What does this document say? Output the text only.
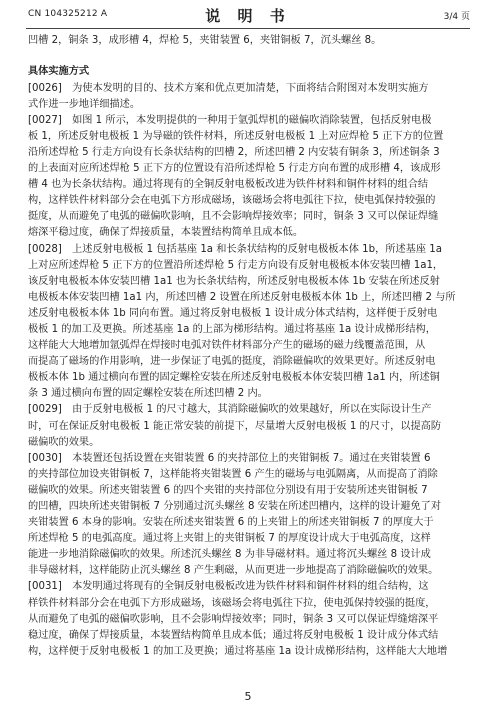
CN 104325212 A	说 明 书	3/4 页
凹槽 2，铜条 3，成形槽 4，焊枪 5，夹钳装置 6，夹钳铜板 7，沉头螺丝 8。
具体实施方式
[0026]　为使本发明的目的、技术方案和优点更加清楚，下面将结合附图对本发明实施方
式作进一步地详细描述。
[0027]　如图 1 所示，本发明提供的一种用于氩弧焊机的磁偏吹消除装置，包括反射电极
板 1，所述反射电极板 1 为导磁的铁件材料，所述反射电极板 1 上对应焊枪 5 正下方的位置
沿所述焊枪 5 行走方向设有长条状结构的凹槽 2，所述凹槽 2 内安装有铜条 3，所述铜条 3
的上表面对应所述焊枪 5 正下方的位置设有沿所述焊枪 5 行走方向布置的成形槽 4，该成形
槽 4 也为长条状结构。通过将现有的全铜反射电极板改进为铁件材料和铜件材料的组合结
构，这样铁件材料部分会在电弧下方形成磁场，该磁场会将电弧往下拉，使电弧保持较强的
挺度，从而避免了电弧的磁偏吹影响，且不会影响焊接效率；同时，铜条 3 又可以保证焊缝
熔深平稳过度，确保了焊接质量，本装置结构简单且成本低。
[0028]　上述反射电极板 1 包括基座 1a 和长条状结构的反射电极板本体 1b，所述基座 1a
上对应所述焊枪 5 正下方的位置沿所述焊枪 5 行走方向设有反射电极板本体安装凹槽 1a1，
该反射电极板本体安装凹槽 1a1 也为长条状结构，所述反射电极板本体 1b 安装在所述反射
电极板本体安装凹槽 1a1 内，所述凹槽 2 设置在所述反射电极板本体 1b 上，所述凹槽 2 与所
述反射电极板本体 1b 同向布置。通过将反射电极板 1 设计成分体式结构，这样便于反射电
极板 1 的加工及更换。所述基座 1a 的上部为梯形结构。通过将基座 1a 设计成梯形结构，
这样能大大地增加氩弧焊在焊接时电弧对铁件材料部分产生的磁场的磁力线覆盖范围，从
而提高了磁场的作用影响，进一步保证了电弧的挺度，消除磁偏吹的效果更好。所述反射电
极板本体 1b 通过横向布置的固定螺栓安装在所述反射电极板本体安装凹槽 1a1 内，所述铜
条 3 通过横向布置的固定螺栓安装在所述凹槽 2 内。
[0029]　由于反射电极板 1 的尺寸越大，其消除磁偏吹的效果越好，所以在实际设计生产
时，可在保证反射电极板 1 能正常安装的前提下，尽量增大反射电极板 1 的尺寸，以提高防
磁偏吹的效果。
[0030]　本装置还包括设置在夹钳装置 6 的夹持部位上的夹钳铜板 7。通过在夹钳装置 6
的夹持部位加设夹钳铜板 7，这样能将夹钳装置 6 产生的磁场与电弧隔离，从而提高了消除
磁偏吹的效果。所述夹钳装置 6 的四个夹钳的夹持部位分别设有用于安装所述夹钳铜板 7
的凹槽，四块所述夹钳铜板 7 分别通过沉头螺丝 8 安装在所述凹槽内，这样的设计避免了对
夹钳装置 6 本身的影响。安装在所述夹钳装置 6 的上夹钳上的所述夹钳铜板 7 的厚度大于
所述焊枪 5 的电弧高度。通过将上夹钳上的夹钳铜板 7 的厚度设计成大于电弧高度，这样
能进一步地消除磁偏吹的效果。所述沉头螺丝 8 为非导磁材料。通过将沉头螺丝 8 设计成
非导磁材料，这样能防止沉头螺丝 8 产生剩磁，从而更进一步地提高了消除磁偏吹的效果。
[0031]　本发明通过将现有的全铜反射电极板改进为铁件材料和铜件材料的组合结构，这
样铁件材料部分会在电弧下方形成磁场，该磁场会将电弧往下拉，使电弧保持较强的挺度，
从而避免了电弧的磁偏吹影响，且不会影响焊接效率；同时，铜条 3 又可以保证焊缝熔深平
稳过度，确保了焊接质量，本装置结构简单且成本低；通过将反射电极板 1 设计成分体式结
构，这样便于反射电极板 1 的加工及更换；通过将基座 1a 设计成梯形结构，这样能大大地增
5
